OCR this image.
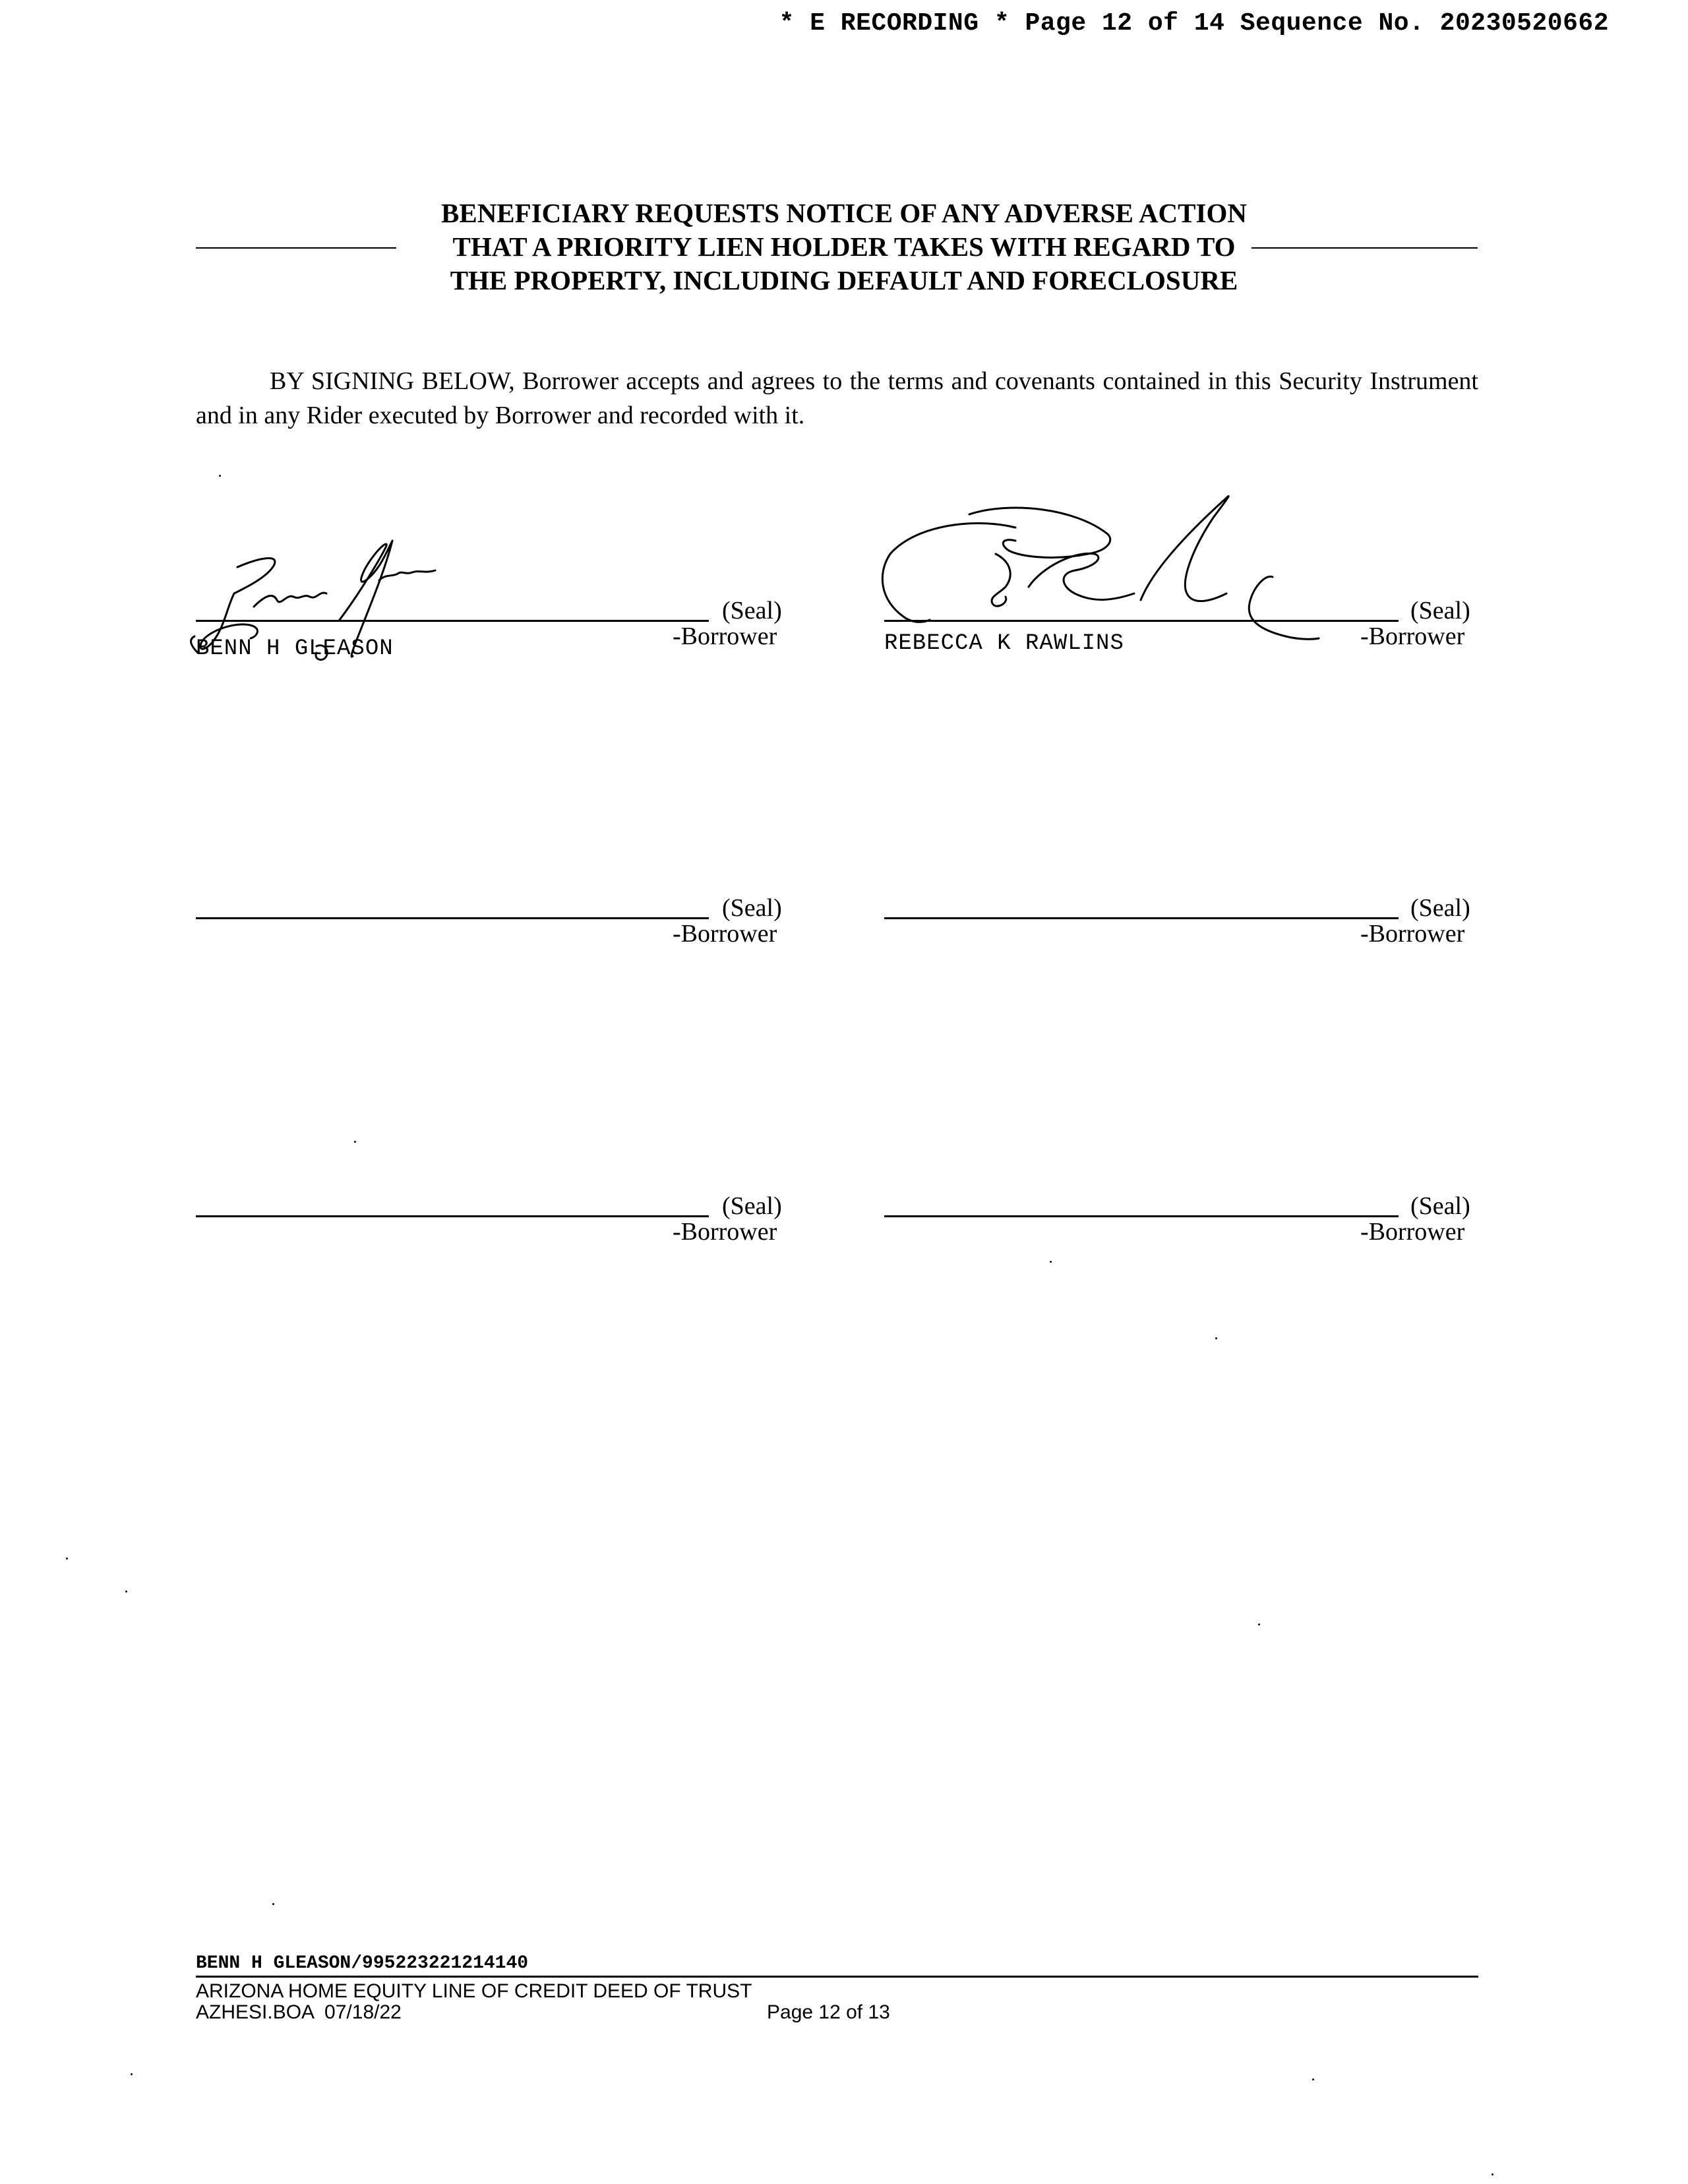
* E RECORDING * Page 12 of 14 Sequence No. 20230520662
BENEFICIARY REQUESTS NOTICE OF ANY ADVERSE ACTION
THAT A PRIORITY LIEN HOLDER TAKES WITH REGARD TO
THE PROPERTY, INCLUDING DEFAULT AND FORECLOSURE
BY SIGNING BELOW, Borrower accepts and agrees to the terms and covenants contained in this Security Instrument and in any Rider executed by Borrower and recorded with it.
(Seal)
-Borrower
BENN H GLEASON
(Seal)
-Borrower
REBECCA K RAWLINS
(Seal)
-Borrower
(Seal)
-Borrower
(Seal)
-Borrower
(Seal)
-Borrower
BENN H GLEASON/995223221214140
ARIZONA HOME EQUITY LINE OF CREDIT DEED OF TRUST
AZHESI.BOA  07/18/22	Page 12 of 13
